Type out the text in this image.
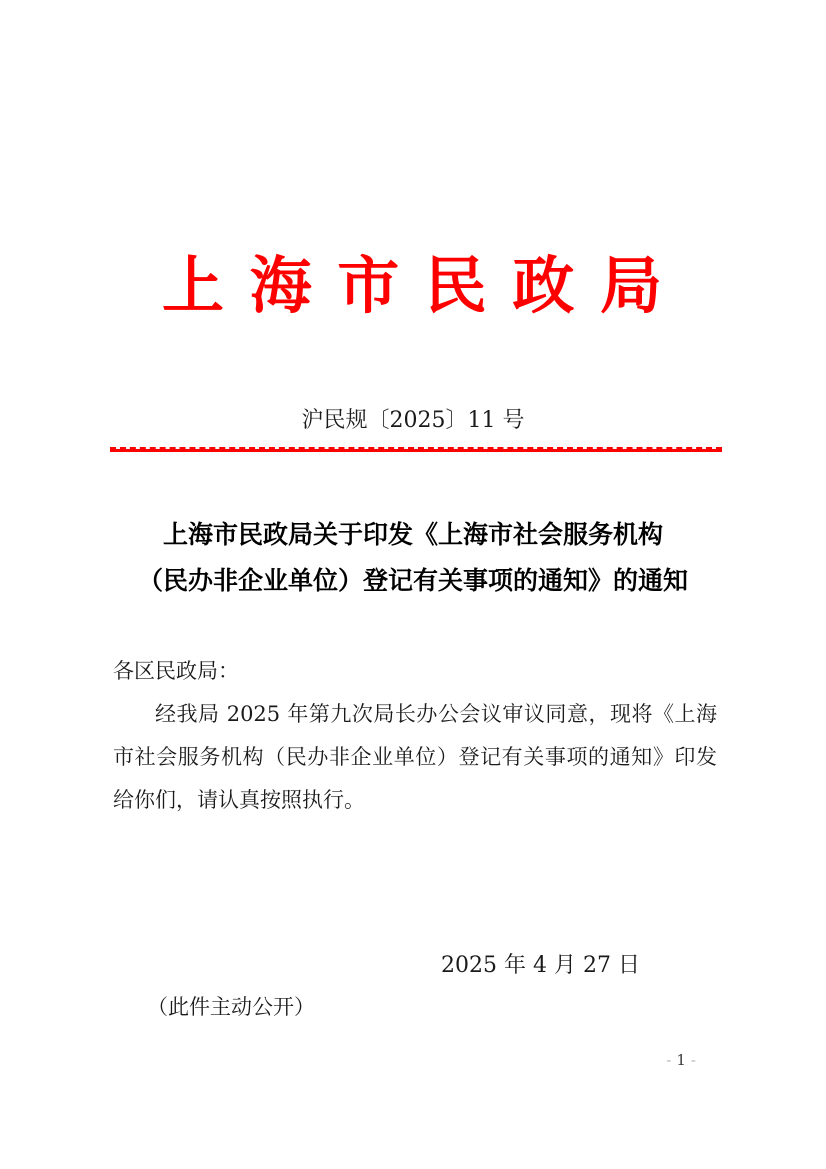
上 海 市 民 政 局
沪民规〔2025〕11 号
上海市民政局关于印发《上海市社会服务机构
（民办非企业单位）登记有关事项的通知》的通知
各区民政局：

经我局 2025 年第九次局长办公会议审议同意，现将《上海市社会服务机构（民办非企业单位）登记有关事项的通知》印发给你们，请认真按照执行。

2025 年 4 月 27 日
（此件主动公开）
- 1 -
